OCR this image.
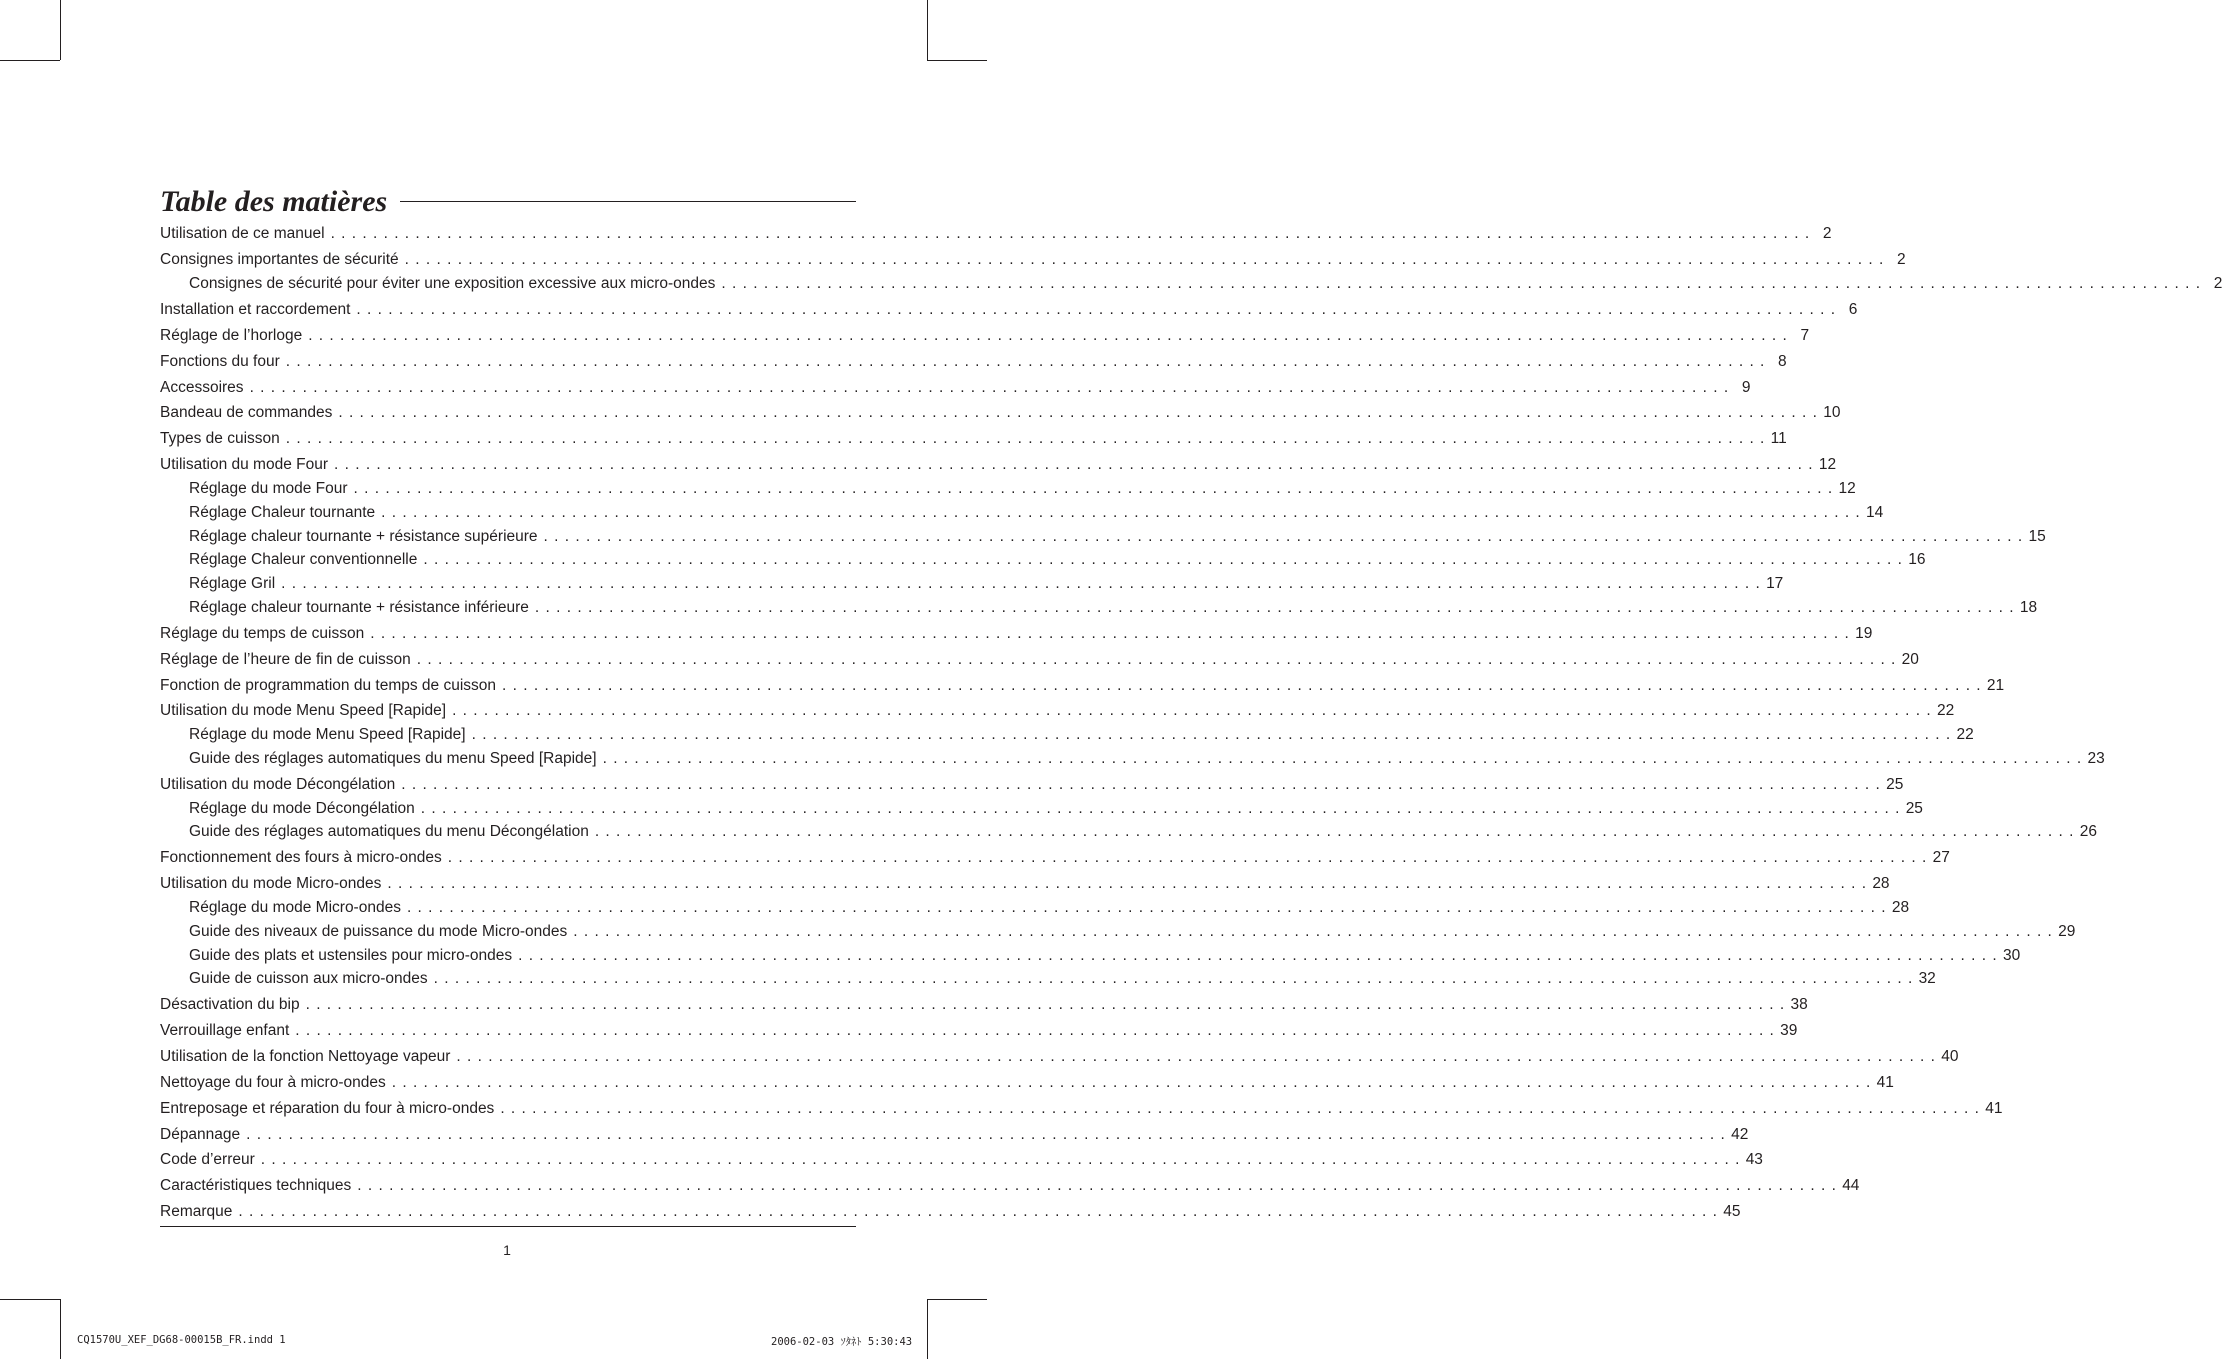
Table des matières
Utilisation de ce manuel ............................................................................................................................................ 2
Consignes importantes de sécurité ............................................................................................................................................ 2
Consignes de sécurité pour éviter une exposition excessive aux micro-ondes ............................................................................................................................................ 2
Installation et raccordement ............................................................................................................................................ 6
Réglage de l’horloge ............................................................................................................................................ 7
Fonctions du four ............................................................................................................................................ 8
Accessoires ............................................................................................................................................ 9
Bandeau de commandes ............................................................................................................................................ 10
Types de cuisson ............................................................................................................................................ 11
Utilisation du mode Four ............................................................................................................................................ 12
Réglage du mode Four ............................................................................................................................................ 12
Réglage Chaleur tournante ............................................................................................................................................ 14
Réglage chaleur tournante + résistance supérieure ............................................................................................................................................ 15
Réglage Chaleur conventionnelle ............................................................................................................................................ 16
Réglage Gril ............................................................................................................................................ 17
Réglage chaleur tournante + résistance inférieure ............................................................................................................................................ 18
Réglage du temps de cuisson ............................................................................................................................................ 19
Réglage de l’heure de fin de cuisson ............................................................................................................................................ 20
Fonction de programmation du temps de cuisson ............................................................................................................................................ 21
Utilisation du mode Menu Speed [Rapide] ............................................................................................................................................ 22
Réglage du mode Menu Speed [Rapide] ............................................................................................................................................ 22
Guide des réglages automatiques du menu Speed [Rapide] ............................................................................................................................................ 23
Utilisation du mode Décongélation ............................................................................................................................................ 25
Réglage du mode Décongélation ............................................................................................................................................ 25
Guide des réglages automatiques du menu Décongélation ............................................................................................................................................ 26
Fonctionnement des fours à micro-ondes ............................................................................................................................................ 27
Utilisation du mode Micro-ondes ............................................................................................................................................ 28
Réglage du mode Micro-ondes ............................................................................................................................................ 28
Guide des niveaux de puissance du mode Micro-ondes ............................................................................................................................................ 29
Guide des plats et ustensiles pour micro-ondes ............................................................................................................................................ 30
Guide de cuisson aux micro-ondes ............................................................................................................................................ 32
Désactivation du bip ............................................................................................................................................ 38
Verrouillage enfant ............................................................................................................................................ 39
Utilisation de la fonction Nettoyage vapeur ............................................................................................................................................ 40
Nettoyage du four à micro-ondes ............................................................................................................................................ 41
Entreposage et réparation du four à micro-ondes ............................................................................................................................................ 41
Dépannage ............................................................................................................................................ 42
Code d’erreur ............................................................................................................................................ 43
Caractéristiques techniques ............................................................................................................................................ 44
Remarque ............................................................................................................................................ 45
1
CQ1570U_XEF_DG68-00015B_FR.indd 1	2006-02-03 ｿﾀﾈﾄ 5:30:43
